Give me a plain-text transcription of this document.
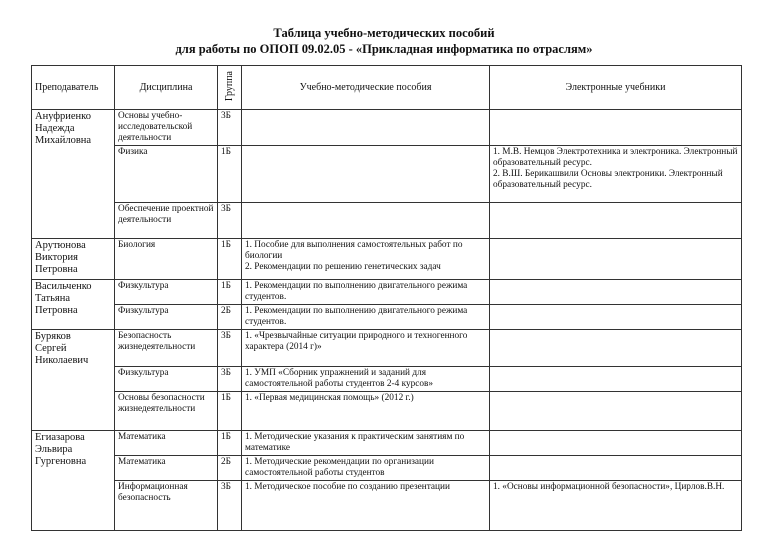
Таблица учебно-методических пособий
для работы по ОПОП 09.02.05 - «Прикладная информатика по отраслям»
Преподаватель	Дисциплина	Группа	Учебно-методические пособия	Электронные учебники

Ануфриенко
Надежда
Михайловна	Основы учебно-исследовательской деятельности	3Б		
	Физика	1Б		1. М.В. Немцов Электротехника и электроника. Электронный образовательный ресурс.
2. В.Ш. Берикашвили Основы электроники. Электронный образовательный ресурс.

	Обеспечение проектной деятельности	3Б		

Арутюнова
Виктория
Петровна	Биология	1Б	1. Пособие для выполнения самостоятельных работ по биологии
2. Рекомендации по решению генетических задач	

Васильченко
Татьяна
Петровна	Физкультура	1Б	1. Рекомендации по выполнению двигательного режима студентов.	

	Физкультура	2Б	1. Рекомендации по выполнению двигательного режима студентов.	

Буряков
Сергей
Николаевич	Безопасность жизнедеятельности	3Б	1. «Чрезвычайные ситуации природного и техногенного характера (2014 г)»	

	Физкультура	3Б	1. УМП «Сборник упражнений и заданий для самостоятельной работы студентов 2-4 курсов»	

	Основы безопасности жизнедеятельности	1Б	1. «Первая медицинская помощь» (2012 г.)	

Егиазарова
Эльвира
Гургеновна	Математика	1Б	1. Методические указания к практическим занятиям по математике	

	Математика	2Б	1. Методические рекомендации по организации самостоятельной работы студентов	

	Информационная безопасность	3Б	1. Методическое пособие по созданию презентации	1. «Основы информационной безопасности», Цирлов.В.Н.
